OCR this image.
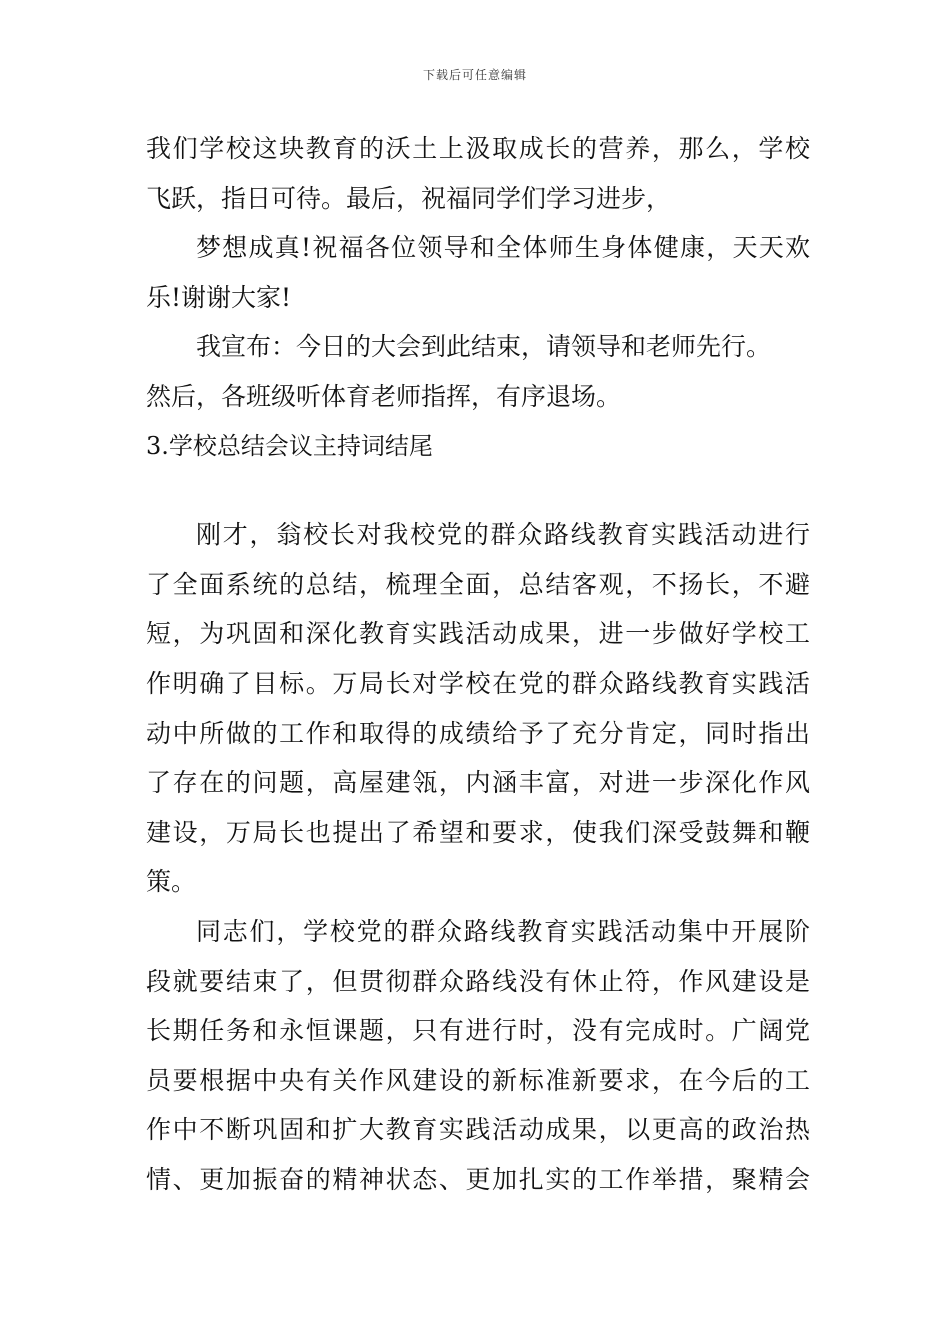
下载后可任意编辑
我们学校这块教育的沃土上汲取成长的营养，那么，学校
飞跃，指日可待。最后，祝福同学们学习进步，
梦想成真!祝福各位领导和全体师生身体健康，天天欢
乐!谢谢大家!
我宣布：今日的大会到此结束，请领导和老师先行。
然后，各班级听体育老师指挥，有序退场。
3.学校总结会议主持词结尾
刚才，翁校长对我校党的群众路线教育实践活动进行
了全面系统的总结，梳理全面，总结客观，不扬长，不避
短，为巩固和深化教育实践活动成果，进一步做好学校工
作明确了目标。万局长对学校在党的群众路线教育实践活
动中所做的工作和取得的成绩给予了充分肯定，同时指出
了存在的问题，高屋建瓴，内涵丰富，对进一步深化作风
建设，万局长也提出了希望和要求，使我们深受鼓舞和鞭
策。
同志们，学校党的群众路线教育实践活动集中开展阶
段就要结束了，但贯彻群众路线没有休止符，作风建设是
长期任务和永恒课题，只有进行时，没有完成时。广阔党
员要根据中央有关作风建设的新标准新要求，在今后的工
作中不断巩固和扩大教育实践活动成果，以更高的政治热
情、更加振奋的精神状态、更加扎实的工作举措，聚精会
